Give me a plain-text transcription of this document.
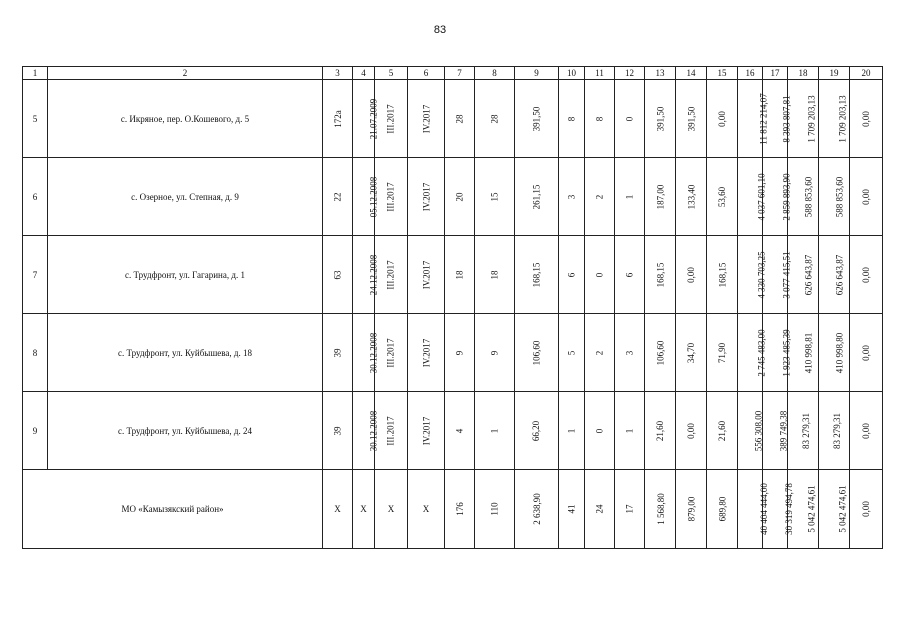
83
1	2	3	4	5	6	7	8	9	10	11	12	13	14	15	16	17	18	19	20
5	с. Икряное, пер. О.Кошевого, д. 5	172а	21.07.2009	III.2017	IV.2017	28	28	391,50	8	8	0	391,50	391,50	0,00	11 812 214,07	8 393 807,81	1 709 203,13	1 709 203,13	0,00
6	с. Озерное, ул. Степная, д. 9	22	05.12.2008	III.2017	IV.2017	20	15	261,15	3	2	1	187,00	133,40	53,60	4 037 601,10	2 859 893,90	588 853,60	588 853,60	0,00
7	с. Трудфронт, ул. Гагарина, д. 1	63	24.12.2008	III.2017	IV.2017	18	18	168,15	6	0	6	168,15	0,00	168,15	4 330 703,25	3 077 415,51	626 643,87	626 643,87	0,00
8	с. Трудфронт, ул. Куйбышева, д. 18	39	30.12.2008	III.2017	IV.2017	9	9	106,60	5	2	3	106,60	34,70	71,90	2 745 483,00	1 923 485,39	410 998,81	410 998,80	0,00
9	с. Трудфронт, ул. Куйбышева, д. 24	39	30.12.2008	III.2017	IV.2017	4	1	66,20	1	0	1	21,60	0,00	21,60	556 308,00	389 749,38	83 279,31	83 279,31	0,00
МО «Камызякский район»		Х	Х	Х	Х	176	110	2 638,90	41	24	17	1 568,80	879,00	689,80	40 404 444,00	30 319 494,78	5 042 474,61	5 042 474,61	0,00
